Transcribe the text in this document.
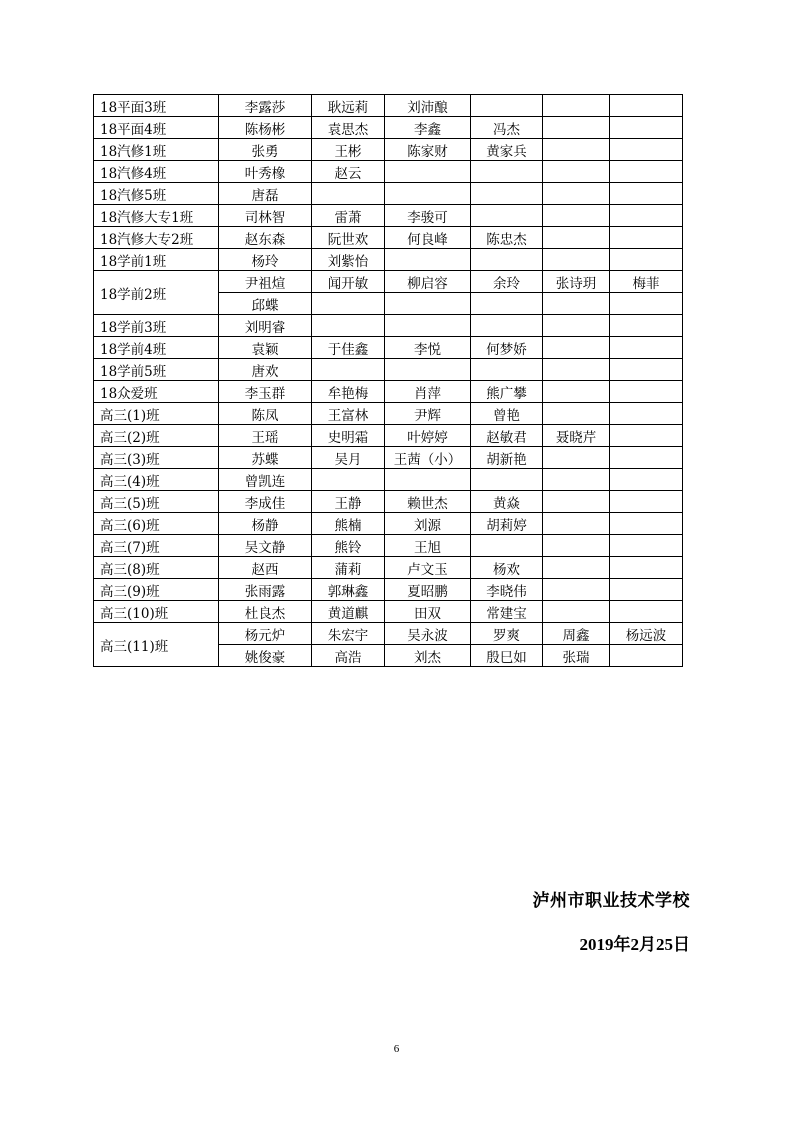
18平面3班	李露莎	耿远莉	刘沛酿			
18平面4班	陈杨彬	袁思杰	李鑫	冯杰		
18汽修1班	张勇	王彬	陈家财	黄家兵		
18汽修4班	叶秀橡	赵云				
18汽修5班	唐磊					
18汽修大专1班	司林智	雷萧	李骏可			
18汽修大专2班	赵东森	阮世欢	何良峰	陈忠杰		
18学前1班	杨玲	刘紫怡				
18学前2班	尹祖煊	闻开敏	柳启容	余玲	张诗玥	梅菲
	邱蝶					
18学前3班	刘明睿					
18学前4班	袁颖	于佳鑫	李悦	何梦娇		
18学前5班	唐欢					
18众爱班	李玉群	牟艳梅	肖萍	熊广攀		
高三(1)班	陈凤	王富林	尹辉	曾艳		
高三(2)班	王瑶	史明霜	叶婷婷	赵敏君	聂晓芹	
高三(3)班	苏蝶	吴月	王茜（小）	胡新艳		
高三(4)班	曾凯连					
高三(5)班	李成佳	王静	赖世杰	黄焱		
高三(6)班	杨静	熊楠	刘源	胡莉婷		
高三(7)班	吴文静	熊铃	王旭			
高三(8)班	赵西	蒲莉	卢文玉	杨欢		
高三(9)班	张雨露	郭琳鑫	夏昭鹏	李晓伟		
高三(10)班	杜良杰	黄道麒	田双	常建宝		
高三(11)班	杨元炉	朱宏宇	吴永波	罗爽	周鑫	杨远波
	姚俊豪	高浩	刘杰	殷巳如	张瑞	
泸州市职业技术学校
2019年2月25日
6
